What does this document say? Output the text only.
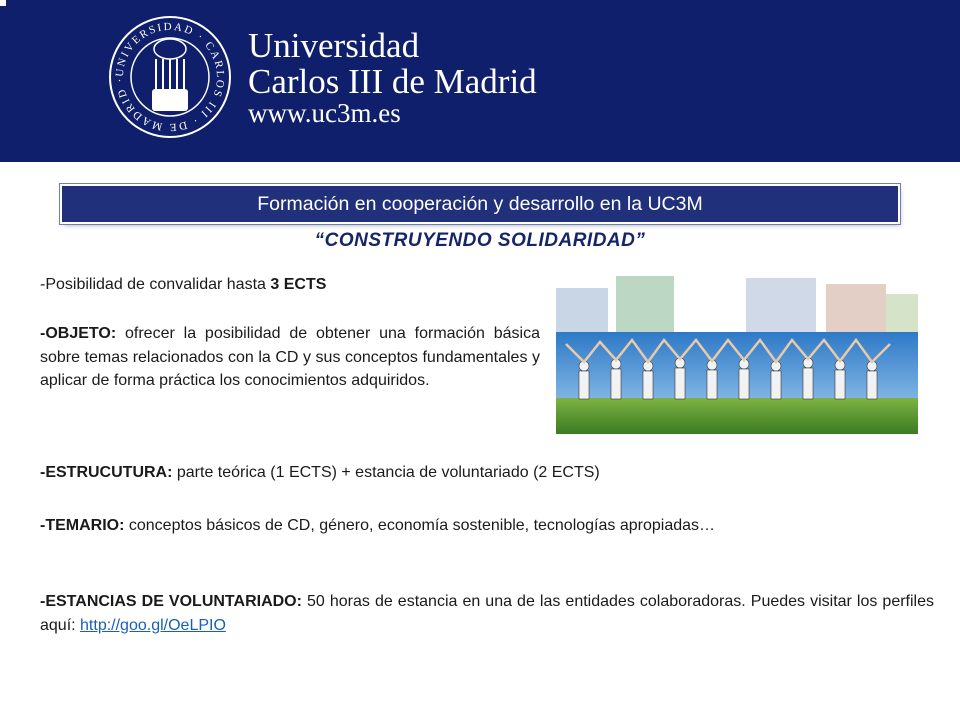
UNIVERSIDAD · CARLOS III · DE MADRID ·
Universidad
Carlos III de Madrid
www.uc3m.es
Formación en cooperación y desarrollo en la UC3M
“CONSTRUYENDO SOLIDARIDAD”
-Posibilidad de convalidar hasta 3 ECTS
-OBJETO: ofrecer la posibilidad de obtener una formación básica sobre temas relacionados con la CD y sus conceptos fundamentales y aplicar de forma práctica los conocimientos adquiridos.
-ESTRUCUTURA: parte teórica (1 ECTS) + estancia de voluntariado (2 ECTS)
-TEMARIO: conceptos básicos de CD, género, economía sostenible, tecnologías apropiadas…
-ESTANCIAS DE VOLUNTARIADO: 50 horas de estancia en una de las entidades colaboradoras. Puedes visitar los perfiles aquí: http://goo.gl/OeLPIO
